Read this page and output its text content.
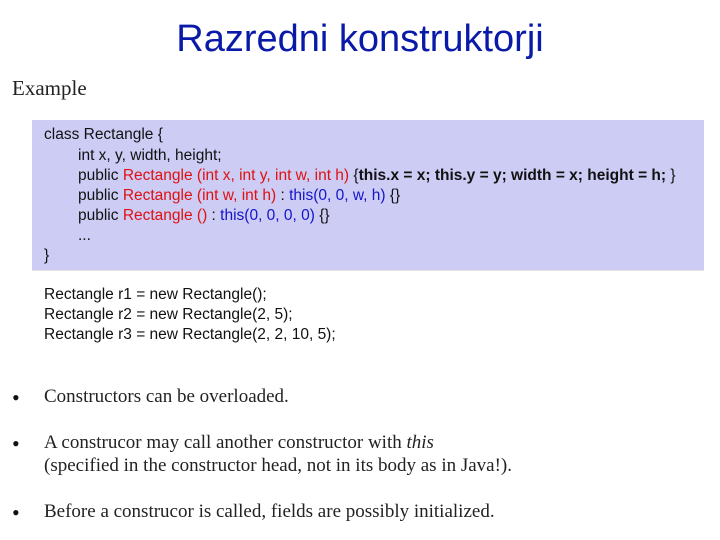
Razredni konstruktorji
Example
class Rectangle {
int x, y, width, height;
public Rectangle (int x, int y, int w, int h) {this.x = x; this.y = y; width = x; height = h; }
public Rectangle (int w, int h) : this(0, 0, w, h) {}
public Rectangle () : this(0, 0, 0, 0) {}
...
}
Rectangle r1 = new Rectangle();
Rectangle r2 = new Rectangle(2, 5);
Rectangle r3 = new Rectangle(2, 2, 10, 5);
• Constructors can be overloaded.
• A construcor may call another constructor with this
(specified in the constructor head, not in its body as in Java!).
• Before a construcor is called, fields are possibly initialized.
